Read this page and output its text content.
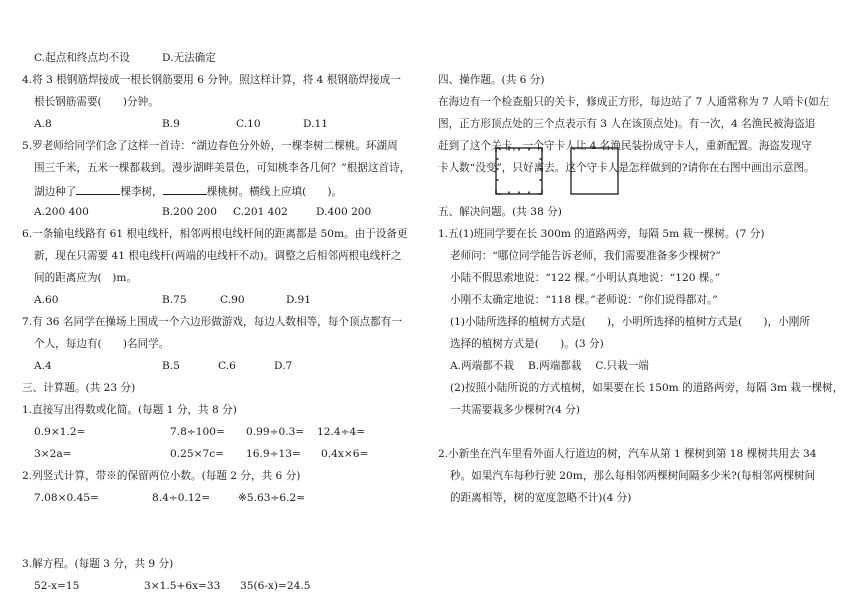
C.起点和终点均不设	D.无法确定
4.将 3 根钢筋焊接成一根长钢筋要用 6 分钟。照这样计算，将 4 根钢筋焊接成一
根长钢筋需要(　　)分钟。
A.8	B.9	C.10	D.11
5.罗老师给同学们念了这样一首诗：“湖边春色分外娇，一棵李树二棵桃。环湖周
围三千米，五米一棵都栽到。漫步湖畔美景色，可知桃李各几何？”根据这首诗，
湖边种了	棵李树，	棵桃树。横线上应填(　　)。
A.200 400	B.200 200 C.201 402	D.400 200
6.一条输电线路有 61 根电线杆，相邻两根电线杆间的距离都是 50m。由于设备更
新，现在只需要 41 根电线杆(两端的电线杆不动)。调整之后相邻两根电线杆之
间的距离应为(　)m。
A.60	B.75	C.90	D.91
7.有 36 名同学在操场上围成一个六边形做游戏，每边人数相等，每个顶点都有一
个人，每边有(　　)名同学。
A.4	B.5	C.6	D.7
三、计算题。(共 23 分)
1.直接写出得数或化简。(每题 1 分，共 8 分)
0.9×1.2=	7.8÷100= 0.99÷0.3= 12.4÷4=
3×2a=	0.25×7c= 16.9÷13= 0.4x×6=
2.列竖式计算，带※的保留两位小数。(每题 2 分，共 6 分)
7.08×0.45=	8.4÷0.12=	※5.63÷6.2≈
3.解方程。(每题 3 分，共 9 分)
52-x=15	3×1.5+6x=33 35(6-x)=24.5
四、操作题。(共 6 分)
在海边有一个检查船只的关卡，修成正方形，每边站了 7 人通常称为 7 人哨卡(如左
图，正方形顶点处的三个点表示有 3 人在该顶点处)。有一次，4 名渔民被海盗追
赶到了这个关卡，一个守卡人让 4 名渔民装扮成守卡人，重新配置。海盗发现守
卡人数“没变”，只好离去。这个守卡人是怎样做到的?请你在右图中画出示意图。
五、解决问题。(共 38 分)
1.五(1)班同学要在长 300m 的道路两旁，每隔 5m 栽一棵树。(7 分)
老师问：“哪位同学能告诉老师，我们需要准备多少棵树?”
小陆不假思索地说：“122 棵。”小明认真地说：“120 棵。”
小刚不太确定地说：“118 棵。”老师说：“你们说得都对。”
(1)小陆所选择的植树方式是(　　)，小明所选择的植树方式是(　　)，小刚所
选择的植树方式是(　　)。(3 分)
A.两端都不栽　 B.两端都栽　 C.只栽一端
(2)按照小陆所说的方式植树，如果要在长 150m 的道路两旁，每隔 3m 栽一棵树，
一共需要栽多少棵树?(4 分)
2.小新坐在汽车里看外面人行道边的树，汽车从第 1 棵树到第 18 棵树共用去 34
秒。如果汽车每秒行驶 20m，那么每相邻两棵树间隔多少米?(每相邻两棵树间
的距离相等，树的宽度忽略不计)(4 分)
